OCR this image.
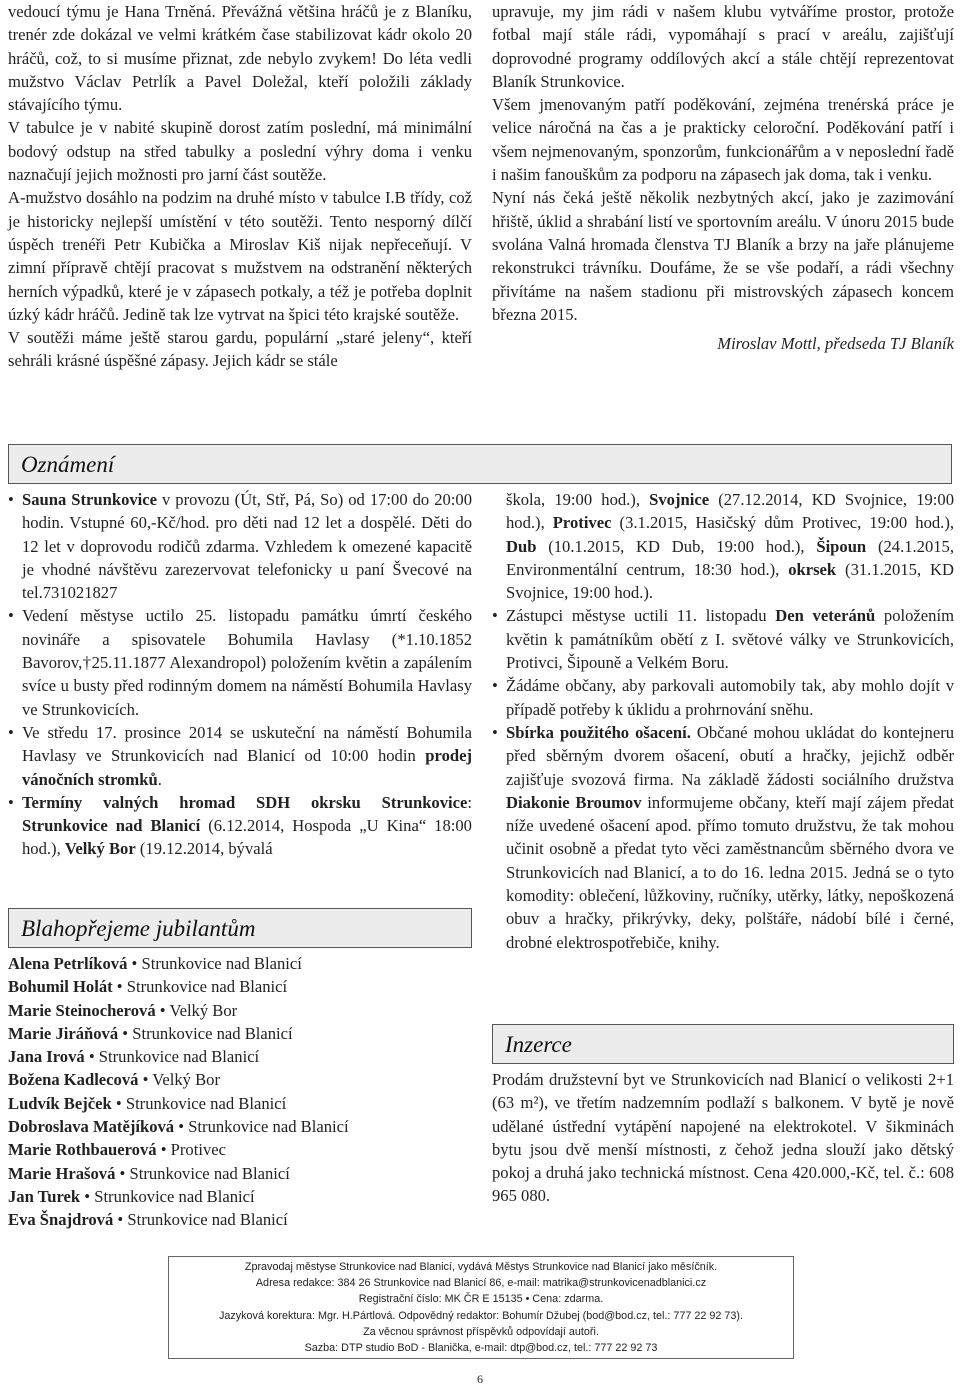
vedoucí týmu je Hana Trněná. Převážná většina hráčů je z Blaníku, trenér zde dokázal ve velmi krátkém čase stabilizovat kádr okolo 20 hráčů, což, to si musíme přiznat, zde nebylo zvykem! Do léta vedli mužstvo Václav Petrlík a Pavel Doležal, kteří položili základy stávajícího týmu.

V tabulce je v nabité skupině dorost zatím poslední, má minimální bodový odstup na střed tabulky a poslední výhry doma i venku naznačují jejich možnosti pro jarní část soutěže.

A-mužstvo dosáhlo na podzim na druhé místo v tabulce I.B třídy, což je historicky nejlepší umístění v této soutěži. Tento nesporný dílčí úspěch trenéři Petr Kubička a Miroslav Kiš nijak nepřeceňují. V zimní přípravě chtějí pracovat s mužstvem na odstranění některých herních výpadků, které je v zápasech potkaly, a též je potřeba doplnit úzký kádr hráčů. Jedině tak lze vytrvat na špici této krajské soutěže.

V soutěži máme ještě starou gardu, populární „staré jeleny“, kteří sehráli krásné úspěšné zápasy. Jejich kádr se stále

upravuje, my jim rádi v našem klubu vytváříme prostor, protože fotbal mají stále rádi, vypomáhají s prací v areálu, zajišťují doprovodné programy oddílových akcí a stále chtějí reprezentovat Blaník Strunkovice.

Všem jmenovaným patří poděkování, zejména trenérská práce je velice náročná na čas a je prakticky celoroční. Poděkování patří i všem nejmenovaným, sponzorům, funkcionářům a v neposlední řadě i našim fanouškům za podporu na zápasech jak doma, tak i venku.

Nyní nás čeká ještě několik nezbytných akcí, jako je zazimování hřiště, úklid a shrabání listí ve sportovním areálu. V únoru 2015 bude svolána Valná hromada členstva TJ Blaník a brzy na jaře plánujeme rekonstrukci trávníku. Doufáme, že se vše podaří, a rádi všechny přivítáme na našem stadionu při mistrovských zápasech koncem března 2015.

Miroslav Mottl, předseda TJ Blaník

Oznámení
• Sauna Strunkovice v provozu (Út, Stř, Pá, So) od 17:00 do 20:00 hodin. Vstupné 60,-Kč/hod. pro děti nad 12 let a dospělé. Děti do 12 let v doprovodu rodičů zdarma. Vzhledem k omezené kapacitě je vhodné návštěvu zarezervovat telefonicky u paní Švecové na tel.731021827
• Vedení městyse uctilo 25. listopadu památku úmrtí českého novináře a spisovatele Bohumila Havlasy (*1.10.1852 Bavorov,†25.11.1877 Alexandropol) položením květin a zapálením svíce u busty před rodinným domem na náměstí Bohumila Havlasy ve Strunkovicích.
• Ve středu 17. prosince 2014 se uskuteční na náměstí Bohumila Havlasy ve Strunkovicích nad Blanicí od 10:00 hodin prodej vánočních stromků.
• Termíny valných hromad SDH okrsku Strunkovice: Strunkovice nad Blanicí (6.12.2014, Hospoda „U Kina“ 18:00 hod.), Velký Bor (19.12.2014, bývalá
škola, 19:00 hod.), Svojnice (27.12.2014, KD Svojnice, 19:00 hod.), Protivec (3.1.2015, Hasičský dům Protivec, 19:00 hod.), Dub (10.1.2015, KD Dub, 19:00 hod.), Šipoun (24.1.2015, Environmentální centrum, 18:30 hod.), okrsek (31.1.2015, KD Svojnice, 19:00 hod.).
• Zástupci městyse uctili 11. listopadu Den veteránů položením květin k památníkům obětí z I. světové války ve Strunkovicích, Protivci, Šipouně a Velkém Boru.
• Žádáme občany, aby parkovali automobily tak, aby mohlo dojít v případě potřeby k úklidu a prohrnování sněhu.
• Sbírka použitého ošacení. Občané mohou ukládat do kontejneru před sběrným dvorem ošacení, obutí a hračky, jejichž odběr zajišťuje svozová firma. Na základě žádosti sociálního družstva Diakonie Broumov informujeme občany, kteří mají zájem předat níže uvedené ošacení apod. přímo tomuto družstvu, že tak mohou učinit osobně a předat tyto věci zaměstnancům sběrného dvora ve Strunkovicích nad Blanicí, a to do 16. ledna 2015. Jedná se o tyto komodity: oblečení, lůžkoviny, ručníky, utěrky, látky, nepoškozená obuv a hračky, přikrývky, deky, polštáře, nádobí bílé i černé, drobné elektrospotřebiče, knihy.
Blahopřejeme jubilantům
Alena Petrlíková • Strunkovice nad Blanicí
Bohumil Holát • Strunkovice nad Blanicí
Marie Steinocherová • Velký Bor
Marie Jiráňová • Strunkovice nad Blanicí
Jana Irová • Strunkovice nad Blanicí
Božena Kadlecová • Velký Bor
Ludvík Bejček • Strunkovice nad Blanicí
Dobroslava Matějíková • Strunkovice nad Blanicí
Marie Rothbauerová • Protivec
Marie Hrašová • Strunkovice nad Blanicí
Jan Turek • Strunkovice nad Blanicí
Eva Šnajdrová • Strunkovice nad Blanicí
Inzerce
Prodám družstevní byt ve Strunkovicích nad Blanicí o velikosti 2+1 (63 m²), ve třetím nadzemním podlaží s balkonem. V bytě je nově udělané ústřední vytápění napojené na elektrokotel. V šikminách bytu jsou dvě menší místnosti, z čehož jedna slouží jako dětský pokoj a druhá jako technická místnost. Cena 420.000,-Kč, tel. č.: 608 965 080.
Zpravodaj městyse Strunkovice nad Blanicí, vydává Městys Strunkovice nad Blanicí jako měsíčník.
Adresa redakce: 384 26 Strunkovice nad Blanicí 86, e-mail: matrika@strunkovicenadblanici.cz
Registrační číslo: MK ČR E 15135 • Cena: zdarma.
Jazyková korektura: Mgr. H.Pártlová. Odpovědný redaktor: Bohumír Džubej (bod@bod.cz, tel.: 777 22 92 73).
Za věcnou správnost příspěvků odpovídají autoři.
Sazba: DTP studio BoD - Blanička, e-mail: dtp@bod.cz, tel.: 777 22 92 73
6
